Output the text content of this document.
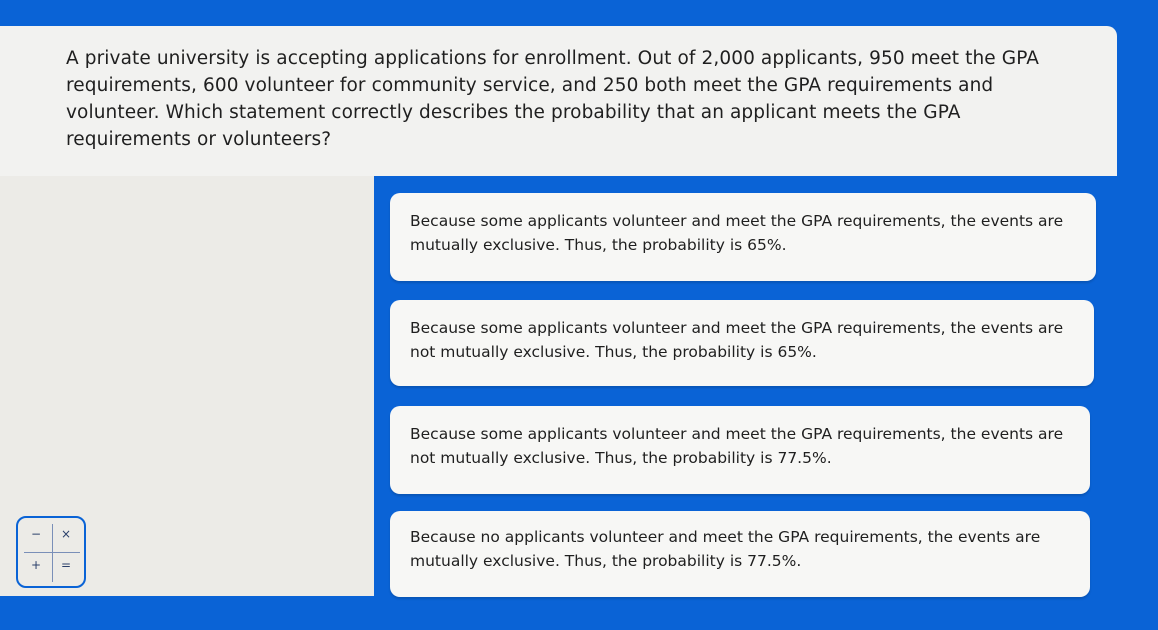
A private university is accepting applications for enrollment. Out of 2,000 applicants, 950 meet the GPA requirements, 600 volunteer for community service, and 250 both meet the GPA requirements and volunteer. Which statement correctly describes the probability that an applicant meets the GPA requirements or volunteers?

− ×
+ =

Because some applicants volunteer and meet the GPA requirements, the events are mutually exclusive. Thus, the probability is 65%.

Because some applicants volunteer and meet the GPA requirements, the events are not mutually exclusive. Thus, the probability is 65%.

Because some applicants volunteer and meet the GPA requirements, the events are not mutually exclusive. Thus, the probability is 77.5%.

Because no applicants volunteer and meet the GPA requirements, the events are mutually exclusive. Thus, the probability is 77.5%.
